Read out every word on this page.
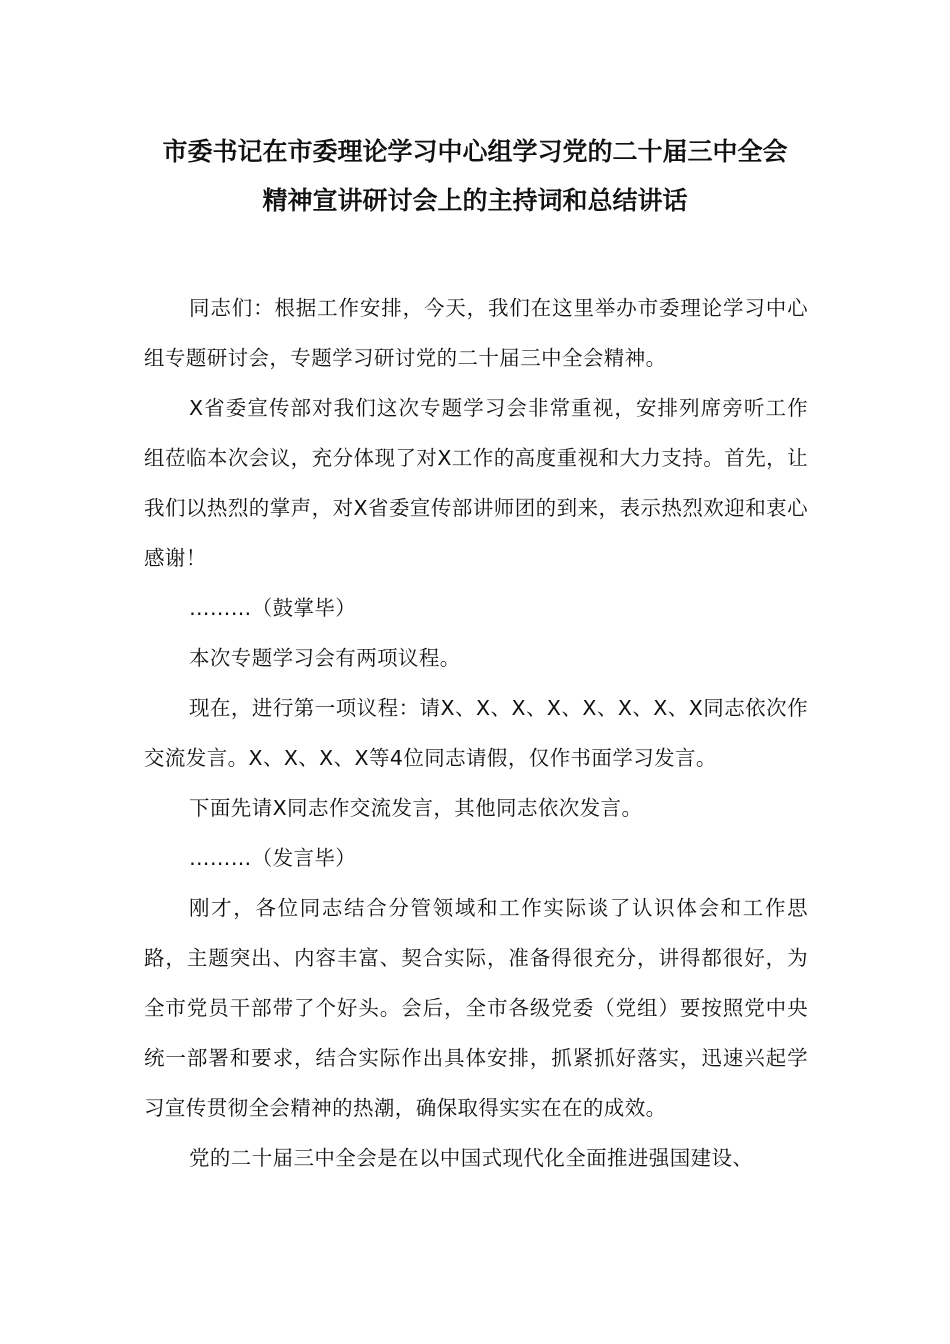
市委书记在市委理论学习中心组学习党的二十届三中全会
精神宣讲研讨会上的主持词和总结讲话

同志们：根据工作安排，今天，我们在这里举办市委理论学习中心组专题研讨会，专题学习研讨党的二十届三中全会精神。

X省委宣传部对我们这次专题学习会非常重视，安排列席旁听工作组莅临本次会议，充分体现了对X工作的高度重视和大力支持。首先，让我们以热烈的掌声，对X省委宣传部讲师团的到来，表示热烈欢迎和衷心感谢！

………（鼓掌毕）

本次专题学习会有两项议程。

现在，进行第一项议程：请X、X、X、X、X、X、X、X同志依次作交流发言。X、X、X、X等4位同志请假，仅作书面学习发言。

下面先请X同志作交流发言，其他同志依次发言。

………（发言毕）

刚才，各位同志结合分管领域和工作实际谈了认识体会和工作思路，主题突出、内容丰富、契合实际，准备得很充分，讲得都很好，为全市党员干部带了个好头。会后，全市各级党委（党组）要按照党中央统一部署和要求，结合实际作出具体安排，抓紧抓好落实，迅速兴起学习宣传贯彻全会精神的热潮，确保取得实实在在的成效。

党的二十届三中全会是在以中国式现代化全面推进强国建设、
